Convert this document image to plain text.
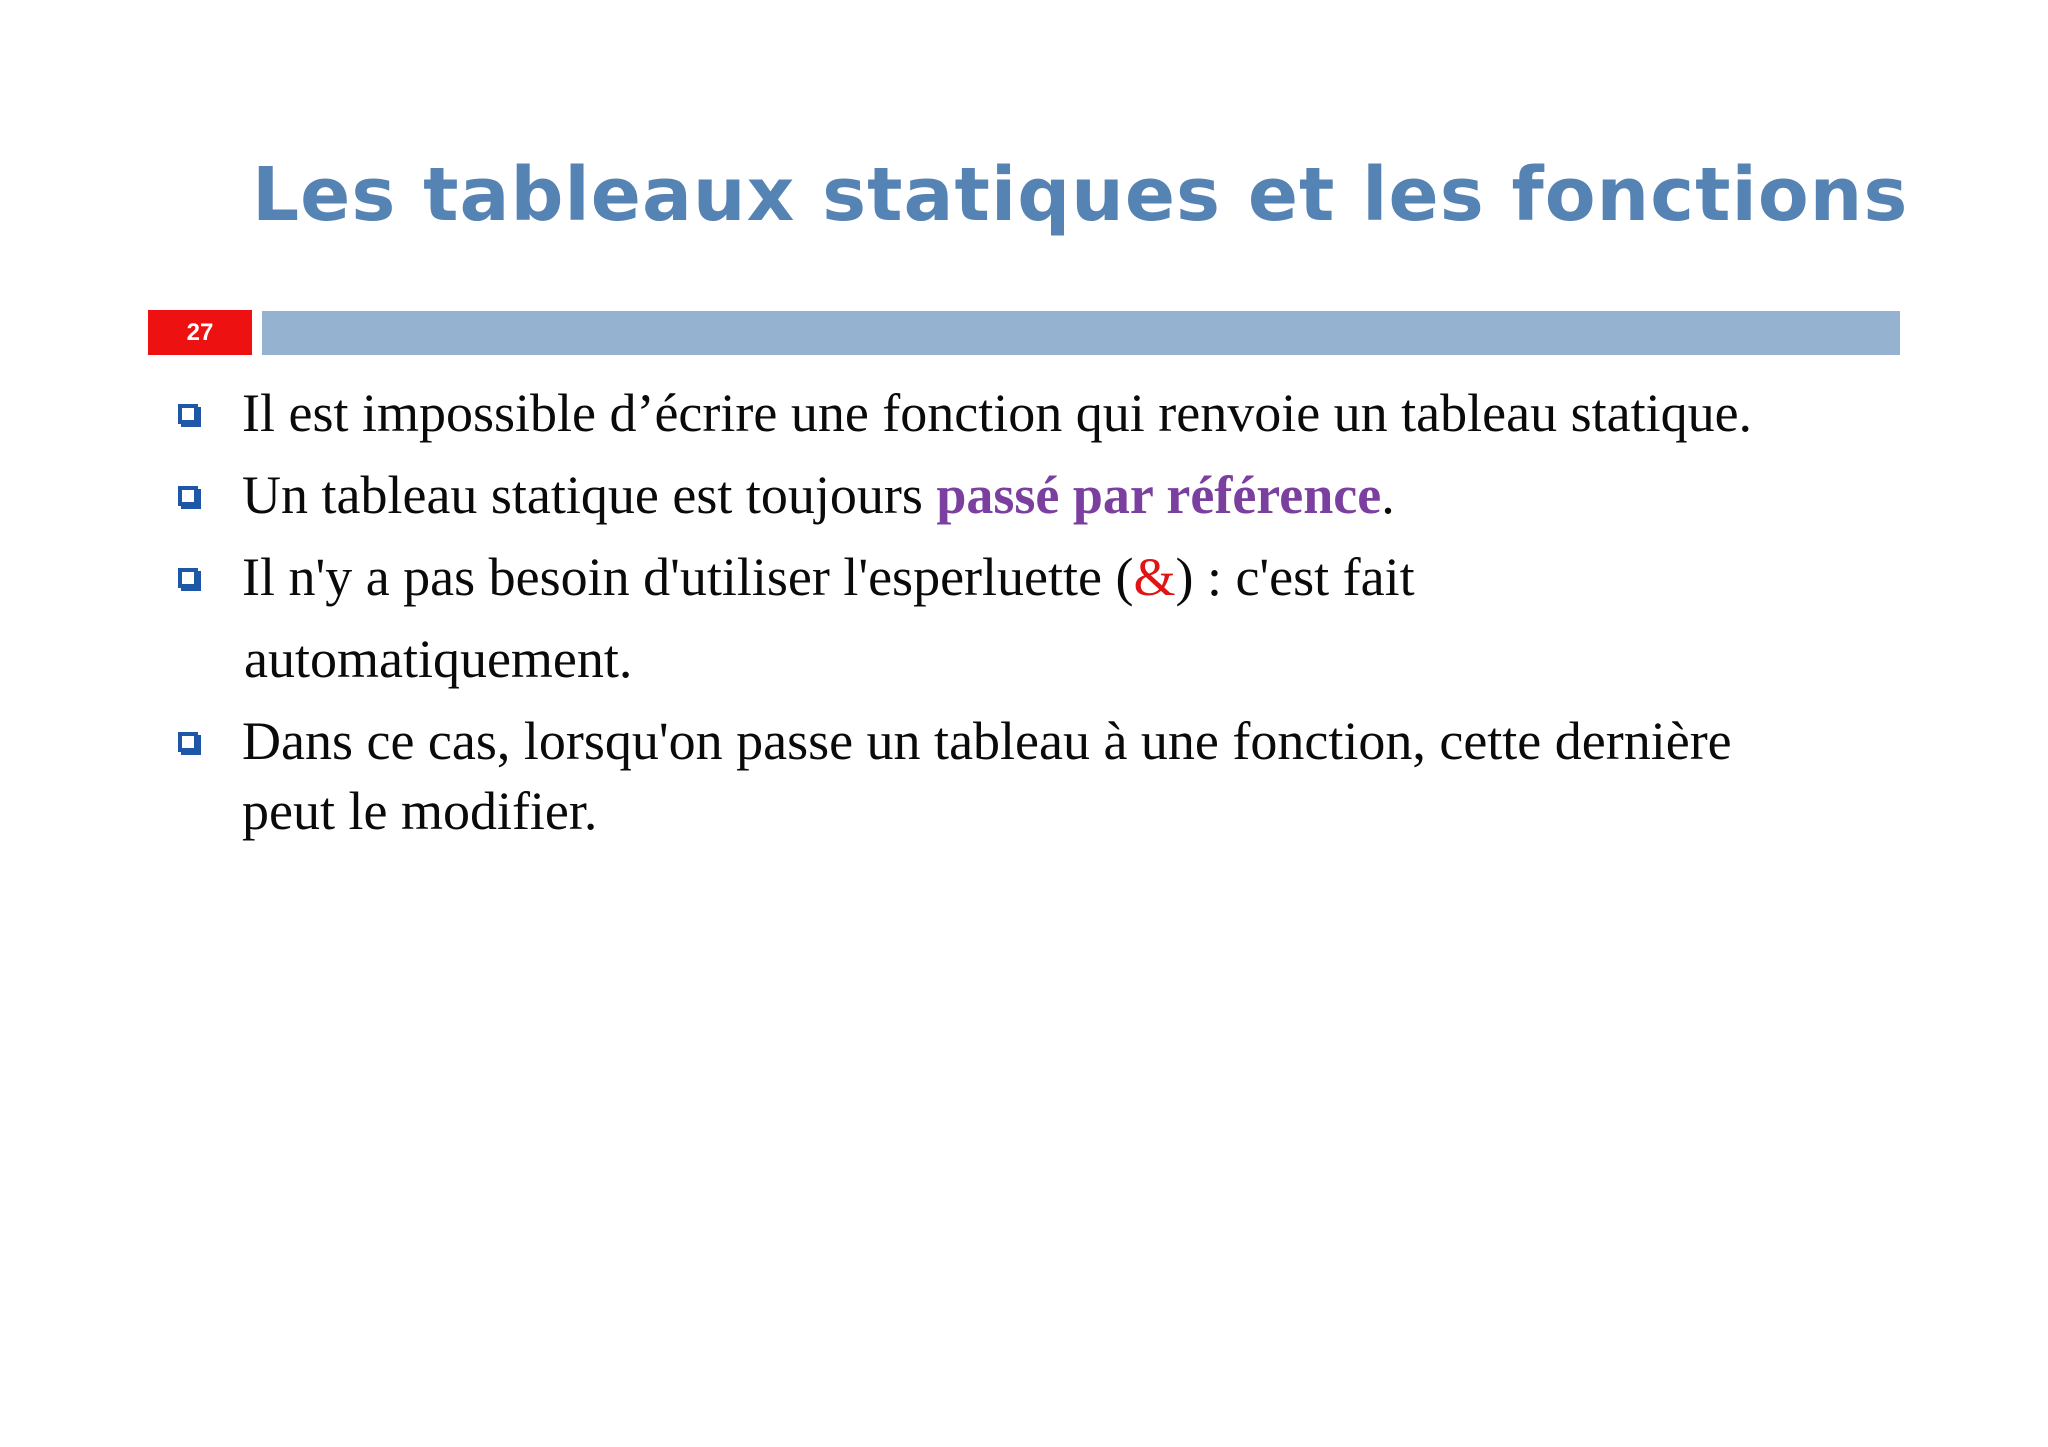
Les tableaux statiques et les fonctions
27
Il est impossible d’écrire une fonction qui renvoie un tableau statique.
Un tableau statique est toujours passé par référence.
Il n'y a pas besoin d'utiliser l'esperluette (&) : c'est fait
automatiquement.
Dans ce cas, lorsqu'on passe un tableau à une fonction, cette dernière
peut le modifier.
